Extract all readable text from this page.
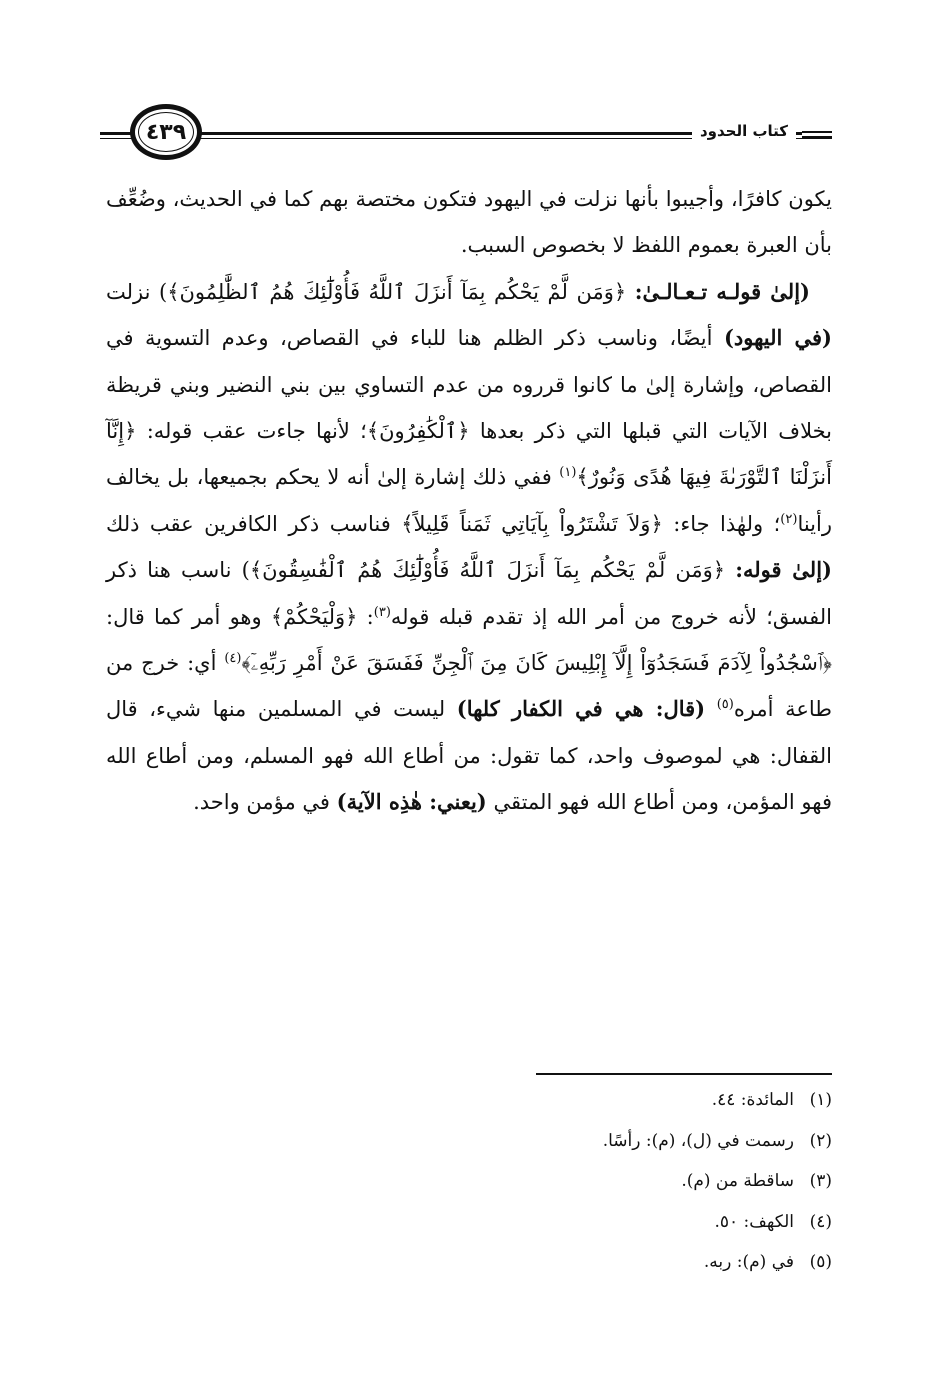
كتاب الحدود
٤٣٩

يكون كافرًا، وأجيبوا بأنها نزلت في اليهود فتكون مختصة بهم كما في الحديث، وضُعِّف بأن العبرة بعموم اللفظ لا بخصوص السبب.

(إلىٰ قولـه تـعـالـىٰ: ﴿وَمَن لَّمْ يَحْكُم بِمَآ أَنزَلَ ٱللَّهُ فَأُوْلَٰٓئِكَ هُمُ ٱلظَّٰلِمُونَ﴾) نزلت (في اليهود) أيضًا، وناسب ذكر الظلم هنا للباء في القصاص، وعدم التسوية في القصاص، وإشارة إلىٰ ما كانوا قرروه من عدم التساوي بين بني النضير وبني قريظة بخلاف الآيات التي قبلها التي ذكر بعدها ﴿ٱلْكَٰفِرُونَ﴾؛ لأنها جاءت عقب قوله: ﴿إِنَّآ أَنزَلْنَا ٱلتَّوْرَىٰةَ فِيهَا هُدًى وَنُورٌ﴾$^{(١)}$ ففي ذلك إشارة إلىٰ أنه لا يحكم بجميعها، بل يخالف رأينا$^{(٢)}$؛ ولهٰذا جاء: ﴿وَلاَ تَشْتَرُواْ بِآيَاتِي ثَمَناً قَلِيلاً﴾ فناسب ذكر الكافرين عقب ذلك (إلىٰ قوله: ﴿وَمَن لَّمْ يَحْكُم بِمَآ أَنزَلَ ٱللَّهُ فَأُوْلَٰٓئِكَ هُمُ ٱلْفَٰسِقُونَ﴾) ناسب هنا ذكر الفسق؛ لأنه خروج من أمر الله إذ تقدم قبله قوله$^{(٣)}$: ﴿وَلْيَحْكُمْ﴾ وهو أمر كما قال: ﴿ٱسْجُدُواْ لِآدَمَ فَسَجَدُوٓاْ إِلَّآ إِبْلِيسَ كَانَ مِنَ ٱلْجِنِّ فَفَسَقَ عَنْ أَمْرِ رَبِّهِۦٓ﴾$^{(٤)}$ أي: خرج من طاعة أمره$^{(٥)}$ (قال: هي في الكفار كلها) ليست في المسلمين منها شيء، قال القفال: هي لموصوف واحد، كما تقول: من أطاع الله فهو المسلم، ومن أطاع الله فهو المؤمن، ومن أطاع الله فهو المتقي (يعني: هٰذِه الآية) في مؤمن واحد.

(١)المائدة: ٤٤.
(٢)رسمت في (ل)، (م): رأسًا.
(٣)ساقطة من (م).
(٤)الكهف: ٥٠.
(٥)في (م): ربه.
